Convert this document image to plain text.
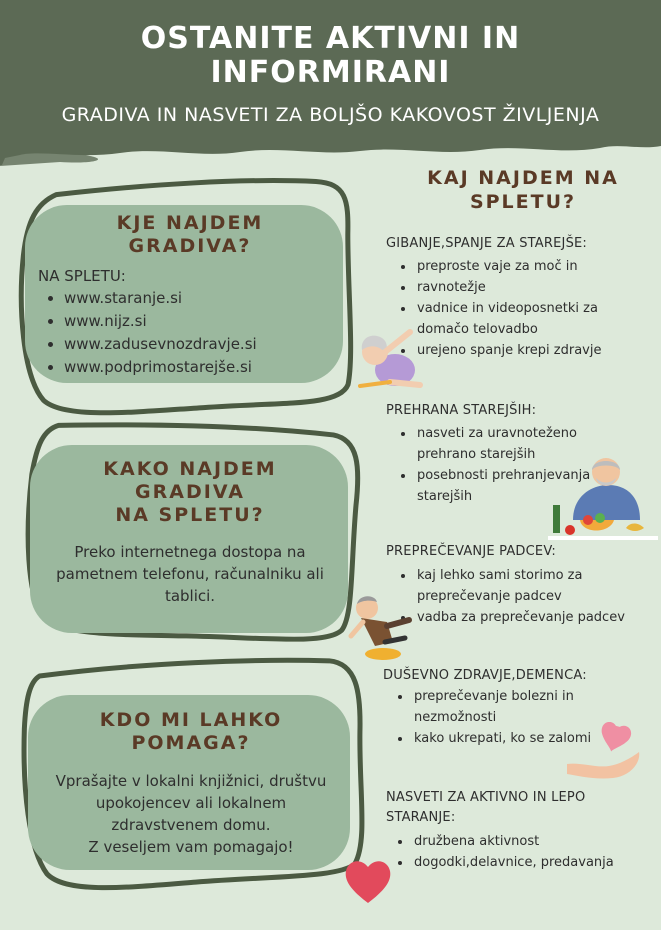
OSTANITE AKTIVNI IN
INFORMIRANI
GRADIVA IN NASVETI ZA BOLJŠO KAKOVOST ŽIVLJENJA
KJE NAJDEM
GRADIVA?
NA SPLETU:
• www.staranje.si
• www.nijz.si
• www.zadusevnozdravje.si
• www.podprimostarejše.si
KAKO NAJDEM
GRADIVA
NA SPLETU?
Preko internetnega dostopa na
pametnem telefonu, računalniku ali
tablici.
KDO MI LAHKO
POMAGA?
Vprašajte v lokalni knjižnici, društvu
upokojencev ali lokalnem
zdravstvenem domu.
Z veseljem vam pomagajo!
KAJ NAJDEM NA
SPLETU?
GIBANJE,SPANJE ZA STAREJŠE:
• preproste vaje za moč in
• ravnotežje
• vadnice in videoposnetki za domačo telovadbo
• urejeno spanje krepi zdravje
PREHRANA STAREJŠIH:
• nasveti za uravnoteženo prehrano starejših
• posebnosti prehranjevanja starejših
PREPREČEVANJE PADCEV:
• kaj lehko sami storimo za preprečevanje padcev
• vadba za preprečevanje padcev
DUŠEVNO ZDRAVJE,DEMENCA:
• preprečevanje bolezni in nezmožnosti
• kako ukrepati, ko se zalomi
NASVETI ZA AKTIVNO IN LEPO STARANJE:
• družbena aktivnost
• dogodki,delavnice, predavanja
